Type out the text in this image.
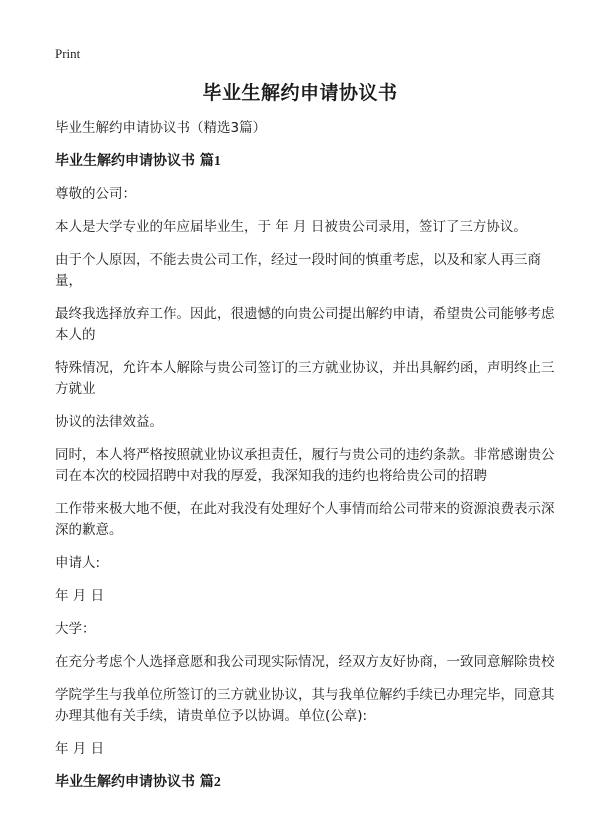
Print
毕业生解约申请协议书

毕业生解约申请协议书（精选3篇）

毕业生解约申请协议书 篇1

尊敬的公司：

本人是大学专业的年应届毕业生，于 年 月 日被贵公司录用，签订了三方协议。

由于个人原因，不能去贵公司工作，经过一段时间的慎重考虑，以及和家人再三商量，

最终我选择放弃工作。因此，很遗憾的向贵公司提出解约申请，希望贵公司能够考虑本人的

特殊情况，允许本人解除与贵公司签订的三方就业协议，并出具解约函，声明终止三方就业

协议的法律效益。

同时，本人将严格按照就业协议承担责任，履行与贵公司的违约条款。非常感谢贵公司在本次的校园招聘中对我的厚爱，我深知我的违约也将给贵公司的招聘

工作带来极大地不便，在此对我没有处理好个人事情而给公司带来的资源浪费表示深深的歉意。

申请人:

年 月 日

大学：

在充分考虑个人选择意愿和我公司现实际情况，经双方友好协商，一致同意解除贵校

学院学生与我单位所签订的三方就业协议，其与我单位解约手续已办理完毕，同意其办理其他有关手续，请贵单位予以协调。单位(公章):

年 月 日

毕业生解约申请协议书 篇2
